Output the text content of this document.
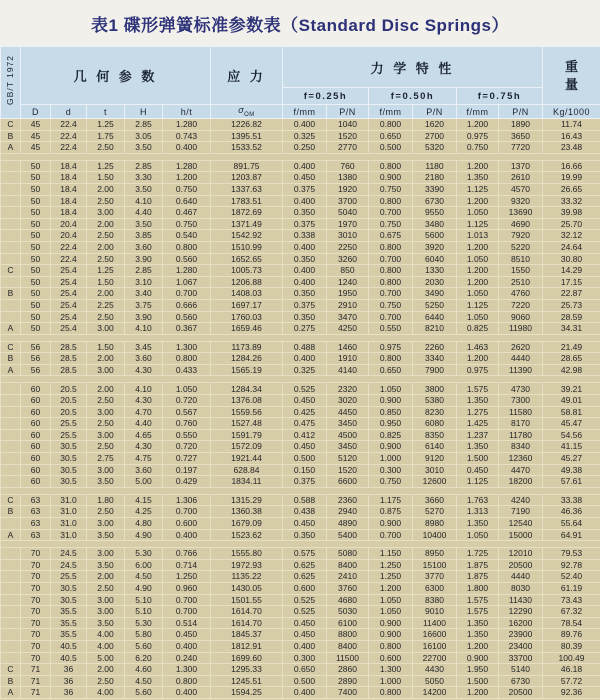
表1 碟形弹簧标准参数表（Standard Disc Springs）
GB/T 1972	几 何 参 数					应 力	力 学 特 性						重
量

							f=0.25h		f=0.50h		f=0.75h		
	D	d	t	H	h/t	$\sigma_{OM}$	f/mm	P/N	f/mm	P/N	f/mm	P/N	Kg/1000
C	45	22.4	1.25	2.85	1.280	1226.82	0.400	1040	0.800	1620	1.200	1890	11.74
B	45	22.4	1.75	3.05	0.743	1395.51	0.325	1520	0.650	2700	0.975	3650	16.43
A	45	22.4	2.50	3.50	0.400	1533.52	0.250	2770	0.500	5320	0.750	7720	23.48

	50	18.4	1.25	2.85	1.280	891.75	0.400	760	0.800	1180	1.200	1370	16.66
	50	18.4	1.50	3.30	1.200	1203.87	0.450	1380	0.900	2180	1.350	2610	19.99
	50	18.4	2.00	3.50	0.750	1337.63	0.375	1920	0.750	3390	1.125	4570	26.65
	50	18.4	2.50	4.10	0.640	1783.51	0.400	3700	0.800	6730	1.200	9320	33.32
	50	18.4	3.00	4.40	0.467	1872.69	0.350	5040	0.700	9550	1.050	13690	39.98
	50	20.4	2.00	3.50	0.750	1371.49	0.375	1970	0.750	3480	1.125	4690	25.70
	50	20.4	2.50	3.85	0.540	1542.92	0.338	3010	0.675	5600	1.013	7920	32.12
	50	22.4	2.00	3.60	0.800	1510.99	0.400	2250	0.800	3920	1.200	5220	24.64
	50	22.4	2.50	3.90	0.560	1652.65	0.350	3260	0.700	6040	1.050	8510	30.80
C	50	25.4	1.25	2.85	1.280	1005.73	0.400	850	0.800	1330	1.200	1550	14.29
	50	25.4	1.50	3.10	1.067	1206.88	0.400	1240	0.800	2030	1.200	2510	17.15
B	50	25.4	2.00	3.40	0.700	1408.03	0.350	1950	0.700	3490	1.050	4760	22.87
	50	25.4	2.25	3.75	0.666	1697.17	0.375	2910	0.750	5250	1.125	7220	25.73
	50	25.4	2.50	3.90	0.560	1760.03	0.350	3470	0.700	6440	1.050	9060	28.59
A	50	25.4	3.00	4.10	0.367	1659.46	0.275	4250	0.550	8210	0.825	11980	34.31

C	56	28.5	1.50	3.45	1.300	1173.89	0.488	1460	0.975	2260	1.463	2620	21.49
B	56	28.5	2.00	3.60	0.800	1284.26	0.400	1910	0.800	3340	1.200	4440	28.65
A	56	28.5	3.00	4.30	0.433	1565.19	0.325	4140	0.650	7900	0.975	11390	42.98

	60	20.5	2.00	4.10	1.050	1284.34	0.525	2320	1.050	3800	1.575	4730	39.21
	60	20.5	2.50	4.30	0.720	1376.08	0.450	3020	0.900	5380	1.350	7300	49.01
	60	20.5	3.00	4.70	0.567	1559.56	0.425	4450	0.850	8230	1.275	11580	58.81
	60	25.5	2.50	4.40	0.760	1527.48	0.475	3450	0.950	6080	1.425	8170	45.47
	60	25.5	3.00	4.65	0.550	1591.79	0.412	4500	0.825	8350	1.237	11780	54.56
	60	30.5	2.50	4.30	0.720	1572.09	0.450	3450	0.900	6140	1.350	8340	41.15
	60	30.5	2.75	4.75	0.727	1921.44	0.500	5120	1.000	9120	1.500	12360	45.27
	60	30.5	3.00	3.60	0.197	628.84	0.150	1520	0.300	3010	0.450	4470	49.38
	60	30.5	3.50	5.00	0.429	1834.11	0.375	6600	0.750	12600	1.125	18200	57.61

C	63	31.0	1.80	4.15	1.306	1315.29	0.588	2360	1.175	3660	1.763	4240	33.38
B	63	31.0	2.50	4.25	0.700	1360.38	0.438	2940	0.875	5270	1.313	7190	46.36
	63	31.0	3.00	4.80	0.600	1679.09	0.450	4890	0.900	8980	1.350	12540	55.64
A	63	31.0	3.50	4.90	0.400	1523.62	0.350	5400	0.700	10400	1.050	15000	64.91

	70	24.5	3.00	5.30	0.766	1555.80	0.575	5080	1.150	8950	1.725	12010	79.53
	70	24.5	3.50	6.00	0.714	1972.93	0.625	8400	1.250	15100	1.875	20500	92.78
	70	25.5	2.00	4.50	1.250	1135.22	0.625	2410	1.250	3770	1.875	4440	52.40
	70	30.5	2.50	4.90	0.960	1430.05	0.600	3760	1.200	6300	1.800	8030	61.19
	70	30.5	3.00	5.10	0.700	1501.55	0.525	4680	1.050	8380	1.575	11430	73.43
	70	35.5	3.00	5.10	0.700	1614.70	0.525	5030	1.050	9010	1.575	12290	67.32
	70	35.5	3.50	5.30	0.514	1614.70	0.450	6100	0.900	11400	1.350	16200	78.54
	70	35.5	4.00	5.80	0.450	1845.37	0.450	8800	0.900	16600	1.350	23900	89.76
	70	40.5	4.00	5.60	0.400	1812.91	0.400	8400	0.800	16100	1.200	23400	80.39
	70	40.5	5.00	6.20	0.240	1699.60	0.300	11500	0.600	22700	0.900	33700	100.49
C	71	36	2.00	4.60	1.300	1295.33	0.650	2860	1.300	4430	1.950	5140	46.18
B	71	36	2.50	4.50	0.800	1245.51	0.500	2890	1.000	5050	1.500	6730	57.72
A	71	36	4.00	5.60	0.400	1594.25	0.400	7400	0.800	14200	1.200	20500	92.36
